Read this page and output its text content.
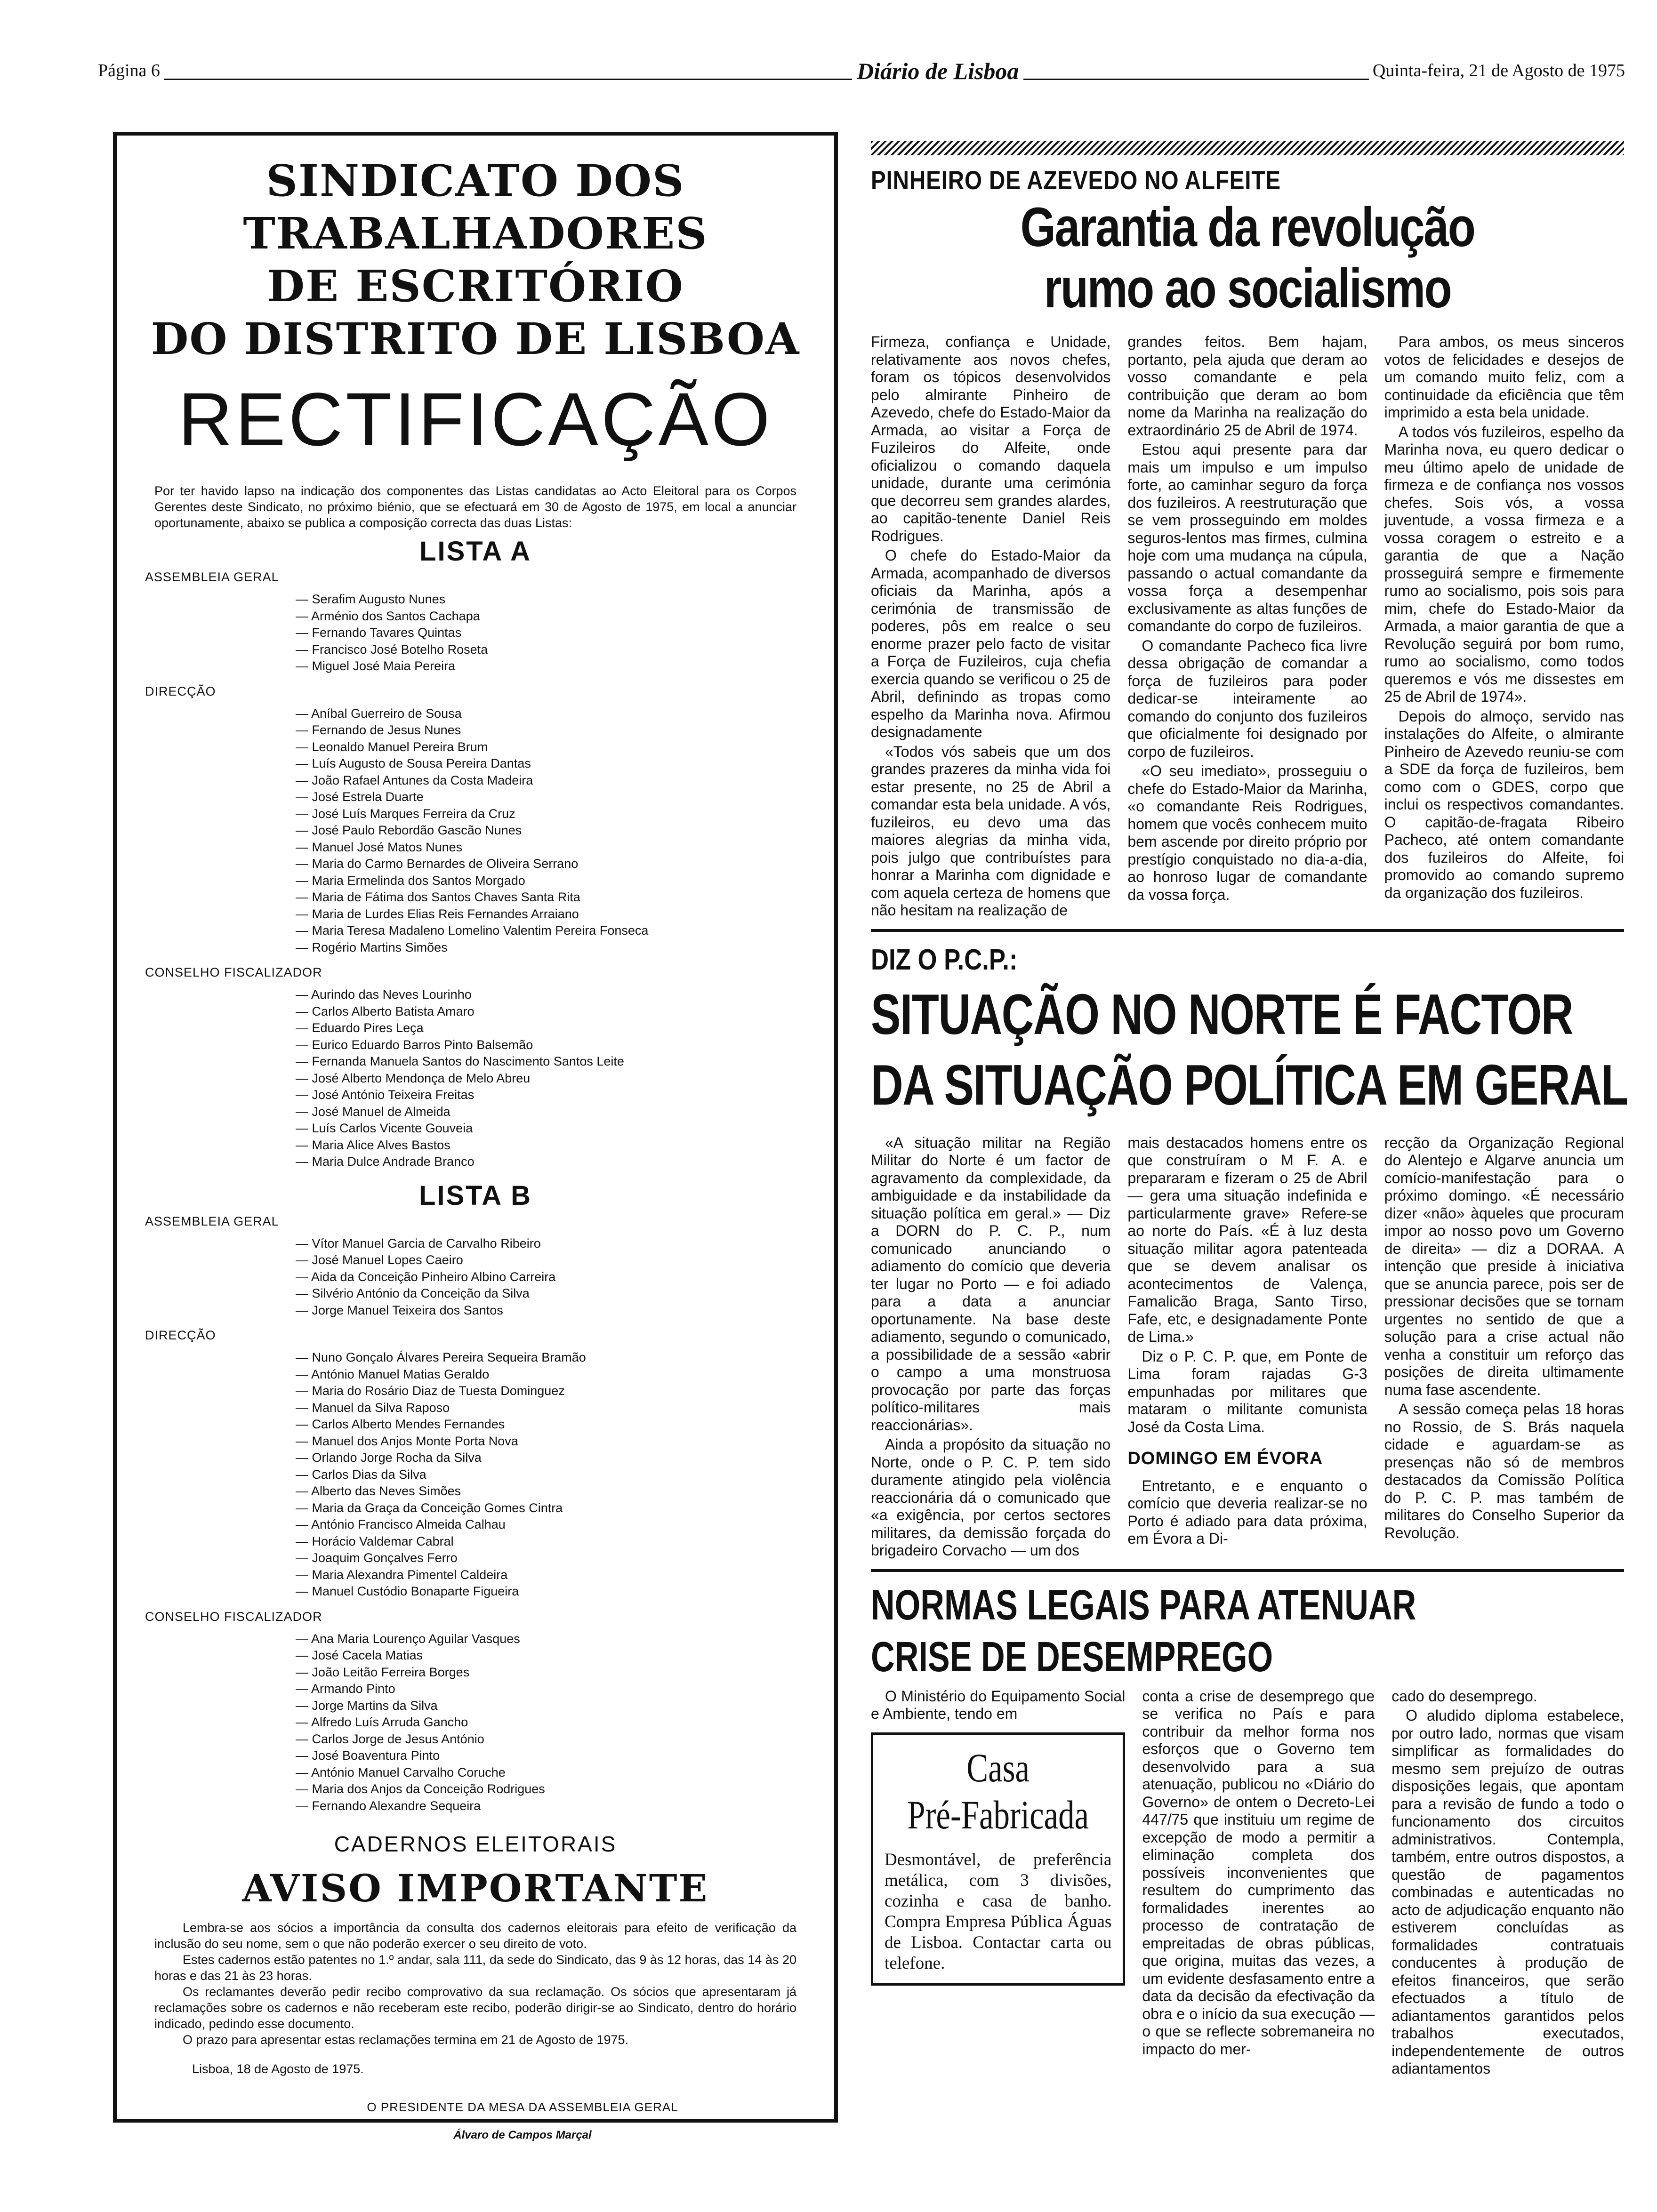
Página 6	Diário de Lisboa	Quinta-feira, 21 de Agosto de 1975
SINDICATO DOS TRABALHADORES
DE ESCRITÓRIO
DO DISTRITO DE LISBOA
RECTIFICAÇÃO
Por ter havido lapso na indicação dos componentes das Listas candidatas ao Acto Eleitoral para os Corpos Gerentes deste Sindicato, no próximo biénio, que se efectuará em 30 de Agosto de 1975, em local a anunciar oportunamente, abaixo se publica a composição correcta das duas Listas:
LISTA A
ASSEMBLEIA GERAL
— Serafim Augusto Nunes
— Arménio dos Santos Cachapa
— Fernando Tavares Quintas
— Francisco José Botelho Roseta
— Miguel José Maia Pereira
DIRECÇÃO
— Aníbal Guerreiro de Sousa
— Fernando de Jesus Nunes
— Leonaldo Manuel Pereira Brum
— Luís Augusto de Sousa Pereira Dantas
— João Rafael Antunes da Costa Madeira
— José Estrela Duarte
— José Luís Marques Ferreira da Cruz
— José Paulo Rebordão Gascão Nunes
— Manuel José Matos Nunes
— Maria do Carmo Bernardes de Oliveira Serrano
— Maria Ermelinda dos Santos Morgado
— Maria de Fátima dos Santos Chaves Santa Rita
— Maria de Lurdes Elias Reis Fernandes Arraiano
— Maria Teresa Madaleno Lomelino Valentim Pereira Fonseca
— Rogério Martins Simões
CONSELHO FISCALIZADOR
— Aurindo das Neves Lourinho
— Carlos Alberto Batista Amaro
— Eduardo Pires Leça
— Eurico Eduardo Barros Pinto Balsemão
— Fernanda Manuela Santos do Nascimento Santos Leite
— José Alberto Mendonça de Melo Abreu
— José António Teixeira Freitas
— José Manuel de Almeida
— Luís Carlos Vicente Gouveia
— Maria Alice Alves Bastos
— Maria Dulce Andrade Branco
LISTA B
ASSEMBLEIA GERAL
— Vítor Manuel Garcia de Carvalho Ribeiro
— José Manuel Lopes Caeiro
— Aida da Conceição Pinheiro Albino Carreira
— Silvério António da Conceição da Silva
— Jorge Manuel Teixeira dos Santos
DIRECÇÃO
— Nuno Gonçalo Álvares Pereira Sequeira Bramão
— António Manuel Matias Geraldo
— Maria do Rosário Diaz de Tuesta Dominguez
— Manuel da Silva Raposo
— Carlos Alberto Mendes Fernandes
— Manuel dos Anjos Monte Porta Nova
— Orlando Jorge Rocha da Silva
— Carlos Dias da Silva
— Alberto das Neves Simões
— Maria da Graça da Conceição Gomes Cintra
— António Francisco Almeida Calhau
— Horácio Valdemar Cabral
— Joaquim Gonçalves Ferro
— Maria Alexandra Pimentel Caldeira
— Manuel Custódio Bonaparte Figueira
CONSELHO FISCALIZADOR
— Ana Maria Lourenço Aguilar Vasques
— José Cacela Matias
— João Leitão Ferreira Borges
— Armando Pinto
— Jorge Martins da Silva
— Alfredo Luís Arruda Gancho
— Carlos Jorge de Jesus António
— José Boaventura Pinto
— António Manuel Carvalho Coruche
— Maria dos Anjos da Conceição Rodrigues
— Fernando Alexandre Sequeira
CADERNOS ELEITORAIS
AVISO IMPORTANTE

Lembra-se aos sócios a importância da consulta dos cadernos eleitorais para efeito de verificação da inclusão do seu nome, sem o que não poderão exercer o seu direito de voto.

Estes cadernos estão patentes no 1.º andar, sala 111, da sede do Sindicato, das 9 às 12 horas, das 14 às 20 horas e das 21 às 23 horas.

Os reclamantes deverão pedir recibo comprovativo da sua reclamação. Os sócios que apresentaram já reclamações sobre os cadernos e não receberam este recibo, poderão dirigir-se ao Sindicato, dentro do horário indicado, pedindo esse documento.

O prazo para apresentar estas reclamações termina em 21 de Agosto de 1975.

Lisboa, 18 de Agosto de 1975.
O PRESIDENTE DA MESA DA ASSEMBLEIA GERAL
Álvaro de Campos Marçal
PINHEIRO DE AZEVEDO NO ALFEITE
Garantia da revolução
rumo ao socialismo

Firmeza, confiança e Unidade, relativamente aos novos chefes, foram os tópicos desenvolvidos pelo almirante Pinheiro de Azevedo, chefe do Estado-Maior da Armada, ao visitar a Força de Fuzileiros do Alfeite, onde oficializou o comando daquela unidade, durante uma cerimónia que decorreu sem grandes alardes, ao capitão-tenente Daniel Reis Rodrigues.

O chefe do Estado-Maior da Armada, acompanhado de diversos oficiais da Marinha, após a cerimónia de transmissão de poderes, pôs em realce o seu enorme prazer pelo facto de visitar a Força de Fuzileiros, cuja chefia exercia quando se verificou o 25 de Abril, definindo as tropas como espelho da Marinha nova. Afirmou designadamente

«Todos vós sabeis que um dos grandes prazeres da minha vida foi estar presente, no 25 de Abril a comandar esta bela unidade. A vós, fuzileiros, eu devo uma das maiores alegrias da minha vida, pois julgo que contribuístes para honrar a Marinha com dignidade e com aquela certeza de homens que não hesitam na realização de

grandes feitos. Bem hajam, portanto, pela ajuda que deram ao vosso comandante e pela contribuição que deram ao bom nome da Marinha na realização do extraordinário 25 de Abril de 1974.

Estou aqui presente para dar mais um impulso e um impulso forte, ao caminhar seguro da força dos fuzileiros. A reestruturação que se vem prosseguindo em moldes seguros-lentos mas firmes, culmina hoje com uma mudança na cúpula, passando o actual comandante da vossa força a desempenhar exclusivamente as altas funções de comandante do corpo de fuzileiros.

O comandante Pacheco fica livre dessa obrigação de comandar a força de fuzileiros para poder dedicar-se inteiramente ao comando do conjunto dos fuzileiros que oficialmente foi designado por corpo de fuzileiros.

«O seu imediato», prosseguiu o chefe do Estado-Maior da Marinha, «o comandante Reis Rodrigues, homem que vocês conhecem muito bem ascende por direito próprio por prestígio conquistado no dia-a-dia, ao honroso lugar de comandante da vossa força.

Para ambos, os meus sinceros votos de felicidades e desejos de um comando muito feliz, com a continuidade da eficiência que têm imprimido a esta bela unidade.

A todos vós fuzileiros, espelho da Marinha nova, eu quero dedicar o meu último apelo de unidade de firmeza e de confiança nos vossos chefes. Sois vós, a vossa juventude, a vossa firmeza e a vossa coragem o estreito e a garantia de que a Nação prosseguirá sempre e firmemente rumo ao socialismo, pois sois para mim, chefe do Estado-Maior da Armada, a maior garantia de que a Revolução seguirá por bom rumo, rumo ao socialismo, como todos queremos e vós me dissestes em 25 de Abril de 1974».

Depois do almoço, servido nas instalações do Alfeite, o almirante Pinheiro de Azevedo reuniu-se com a SDE da força de fuzileiros, bem como com o GDES, corpo que inclui os respectivos comandantes. O capitão-de-fragata Ribeiro Pacheco, até ontem comandante dos fuzileiros do Alfeite, foi promovido ao comando supremo da organização dos fuzileiros.

DIZ O P.C.P.:
SITUAÇÃO NO NORTE É FACTOR
DA SITUAÇÃO POLÍTICA EM GERAL

«A situação militar na Região Militar do Norte é um factor de agravamento da complexidade, da ambiguidade e da instabilidade da situação política em geral.» — Diz a DORN do P. C. P., num comunicado anunciando o adiamento do comício que deveria ter lugar no Porto — e foi adiado para a data a anunciar oportunamente. Na base deste adiamento, segundo o comunicado, a possibilidade de a sessão «abrir o campo a uma monstruosa provocação por parte das forças político-militares mais reaccionárias».

Ainda a propósito da situação no Norte, onde o P. C. P. tem sido duramente atingido pela violência reaccionária dá o comunicado que «a exigência, por certos sectores militares, da demissão forçada do brigadeiro Corvacho — um dos

mais destacados homens entre os que construíram o M F. A. e prepararam e fizeram o 25 de Abril — gera uma situação indefinida e particularmente grave» Refere-se ao norte do País. «É à luz desta situação militar agora patenteada que se devem analisar os acontecimentos de Valença, Famalicão Braga, Santo Tirso, Fafe, etc, e designadamente Ponte de Lima.»

Diz o P. C. P. que, em Ponte de Lima foram rajadas G-3 empunhadas por militares que mataram o militante comunista José da Costa Lima.

DOMINGO EM ÉVORA

Entretanto, e e enquanto o comício que deveria realizar-se no Porto é adiado para data próxima, em Évora a Di-

recção da Organização Regional do Alentejo e Algarve anuncia um comício-manifestação para o próximo domingo. «É necessário dizer «não» àqueles que procuram impor ao nosso povo um Governo de direita» — diz a DORAA. A intenção que preside à iniciativa que se anuncia parece, pois ser de pressionar decisões que se tornam urgentes no sentido de que a solução para a crise actual não venha a constituir um reforço das posições de direita ultimamente numa fase ascendente.

A sessão começa pelas 18 horas no Rossio, de S. Brás naquela cidade e aguardam-se as presenças não só de membros destacados da Comissão Política do P. C. P. mas também de militares do Conselho Superior da Revolução.

NORMAS LEGAIS PARA ATENUAR
CRISE DE DESEMPREGO

O Ministério do Equipamento Social e Ambiente, tendo em

Casa
Pré-Fabricada
Desmontável, de preferência metálica, com 3 divisões, cozinha e casa de banho. Compra Empresa Pública Águas de Lisboa. Contactar carta ou telefone.

conta a crise de desemprego que se verifica no País e para contribuir da melhor forma nos esforços que o Governo tem desenvolvido para a sua atenuação, publicou no «Diário do Governo» de ontem o Decreto-Lei 447/75 que instituiu um regime de excepção de modo a permitir a eliminação completa dos possíveis inconvenientes que resultem do cumprimento das formalidades inerentes ao processo de contratação de empreitadas de obras públicas, que origina, muitas das vezes, a um evidente desfasamento entre a data da decisão da efectivação da obra e o início da sua execução — o que se reflecte sobremaneira no impacto do mer-

cado do desemprego.

O aludido diploma estabelece, por outro lado, normas que visam simplificar as formalidades do mesmo sem prejuízo de outras disposições legais, que apontam para a revisão de fundo a todo o funcionamento dos circuitos administrativos. Contempla, também, entre outros dispostos, a questão de pagamentos combinadas e autenticadas no acto de adjudicação enquanto não estiverem concluídas as formalidades contratuais conducentes à produção de efeitos financeiros, que serão efectuados a título de adiantamentos garantidos pelos trabalhos executados, independentemente de outros adiantamentos
